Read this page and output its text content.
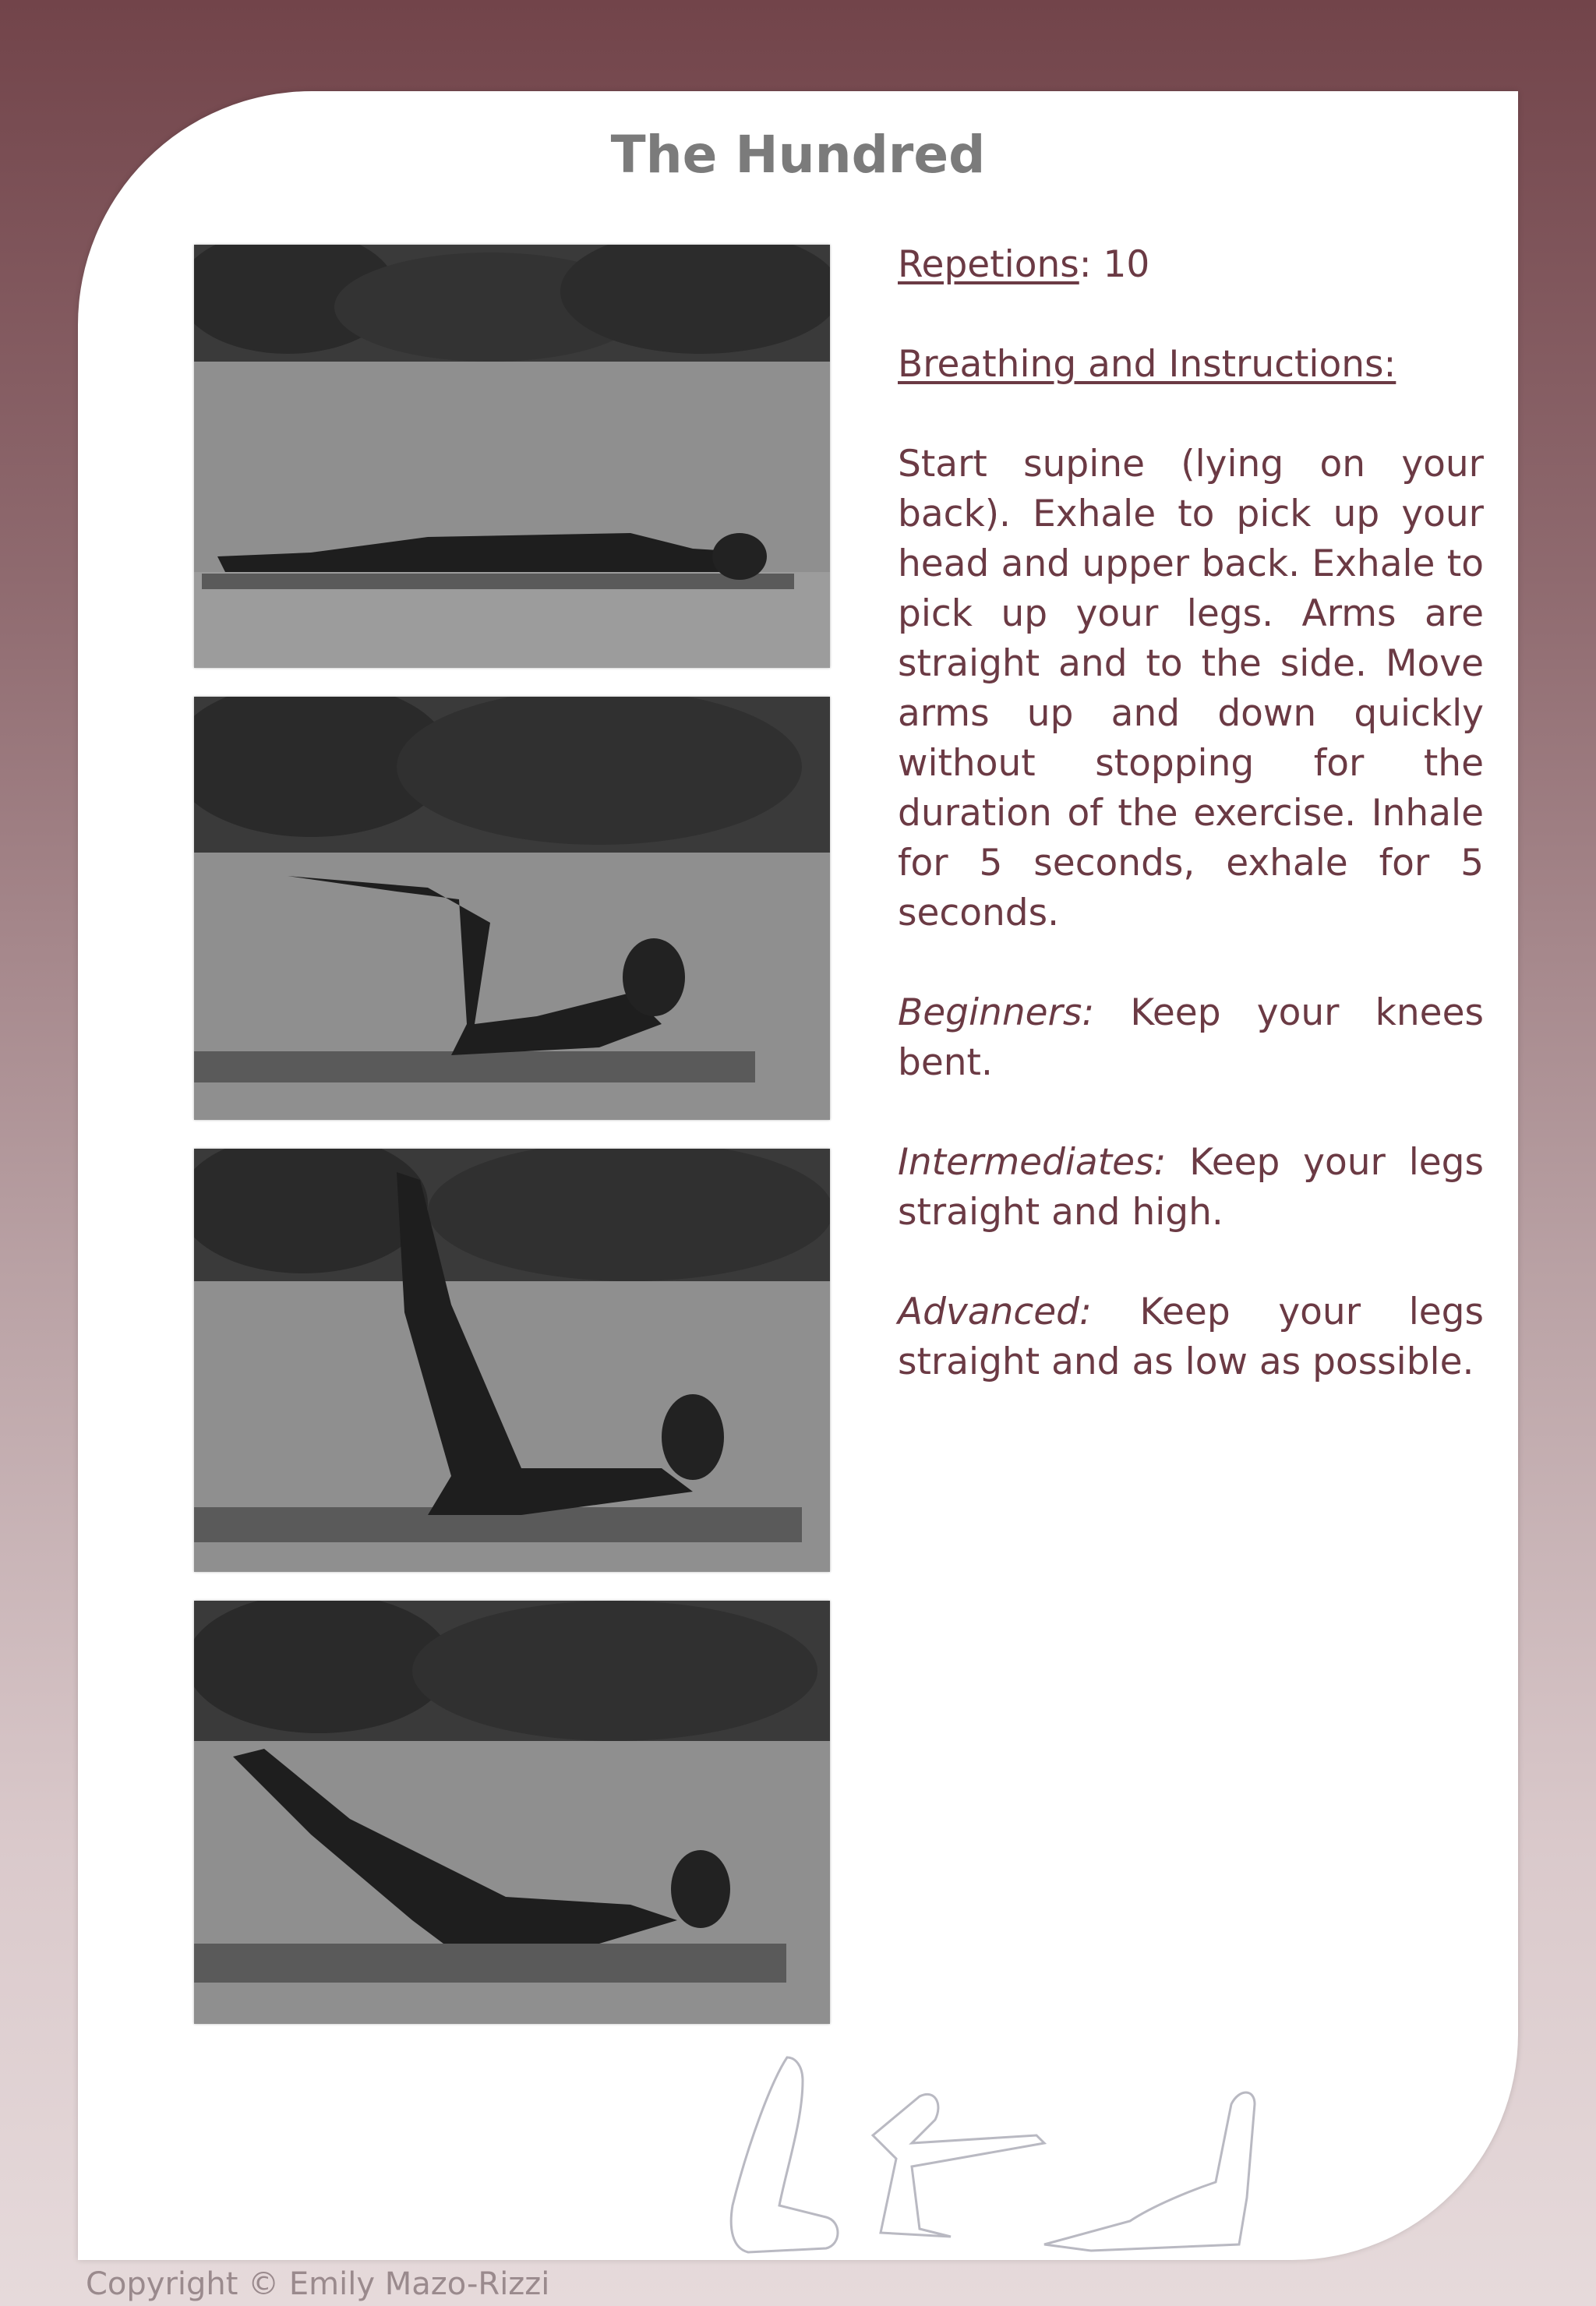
The Hundred

Repetions: 10

Breathing and Instructions:

Start supine (lying on your back). Exhale to pick up your head and upper back. Exhale to pick up your legs. Arms are straight and to the side. Move arms up and down quickly without stopping for the duration of the exercise. Inhale for 5 seconds, exhale for 5 seconds.

Beginners: Keep your knees bent.

Intermediates: Keep your legs straight and high.

Advanced: Keep your legs straight and as low as possible.

Copyright © Emily Mazo-Rizzi
